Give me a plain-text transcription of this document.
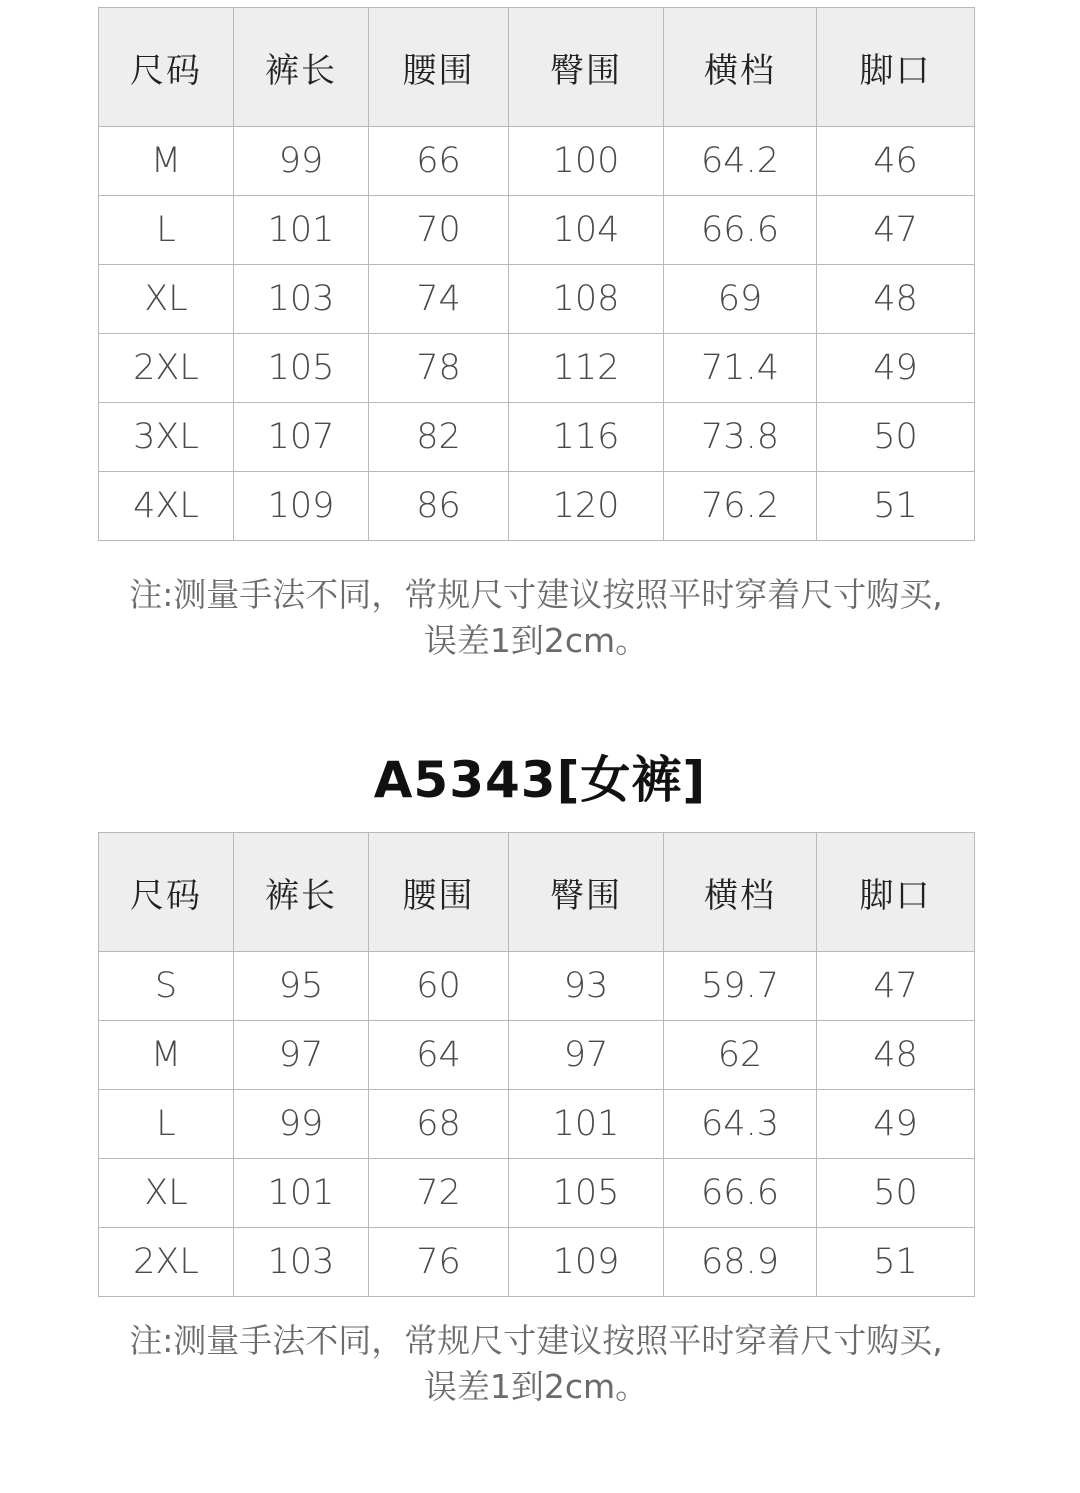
尺码	裤长	腰围	臀围	横档	脚口
M	99	66	100	64.2	46
L	101	70	104	66.6	47
XL	103	74	108	69	48
2XL	105	78	112	71.4	49
3XL	107	82	116	73.8	50
4XL	109	86	120	76.2	51
注:测量手法不同，常规尺寸建议按照平时穿着尺寸购买,
误差1到2cm。
A5343[女裤]
尺码	裤长	腰围	臀围	横档	脚口
S	95	60	93	59.7	47
M	97	64	97	62	48
L	99	68	101	64.3	49
XL	101	72	105	66.6	50
2XL	103	76	109	68.9	51
注:测量手法不同，常规尺寸建议按照平时穿着尺寸购买,
误差1到2cm。
